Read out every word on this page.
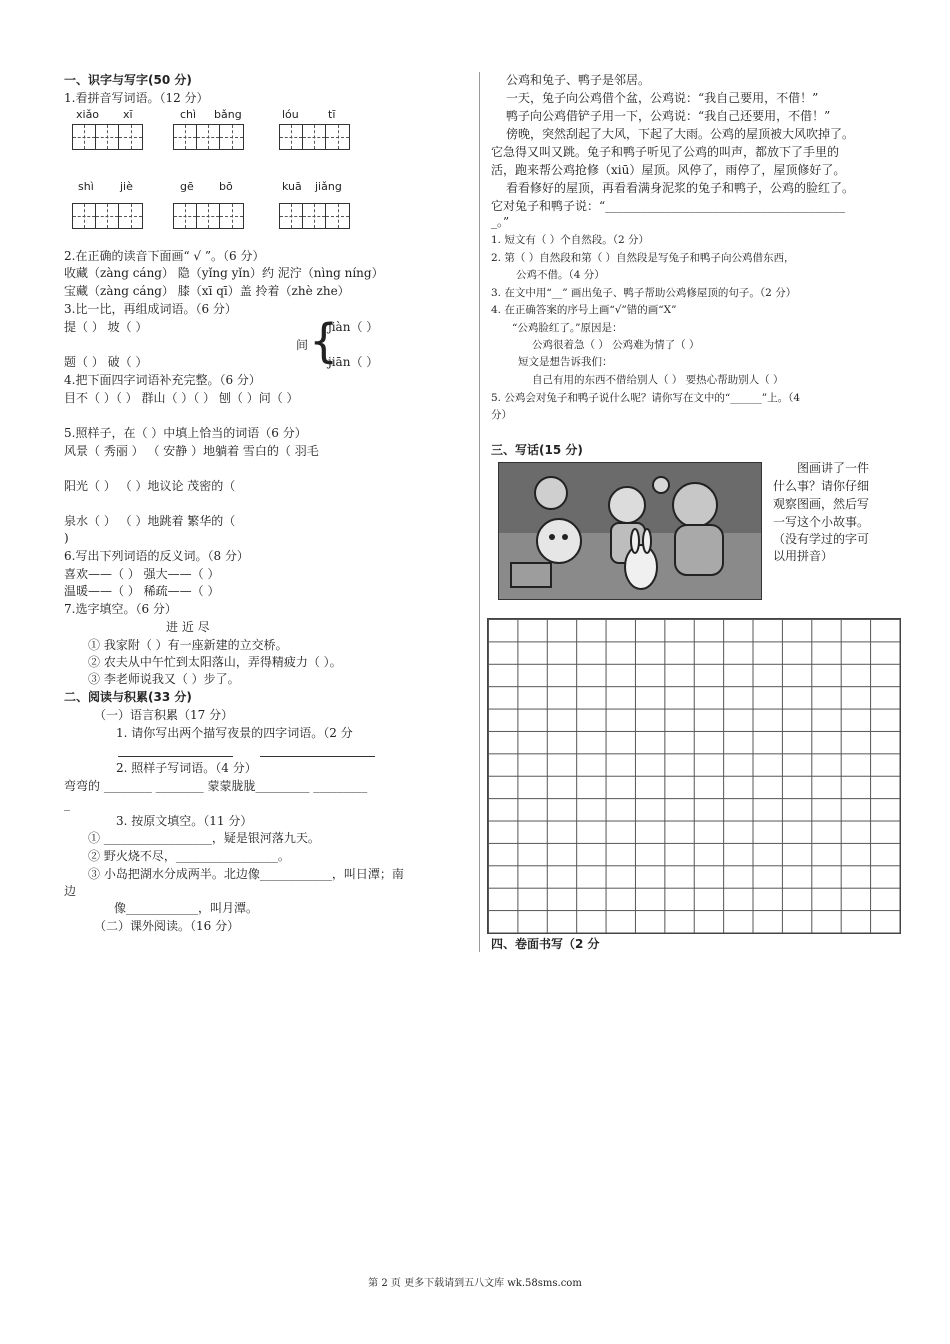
一、识字与写字(50 分)
1.看拼音写词语。（12 分）
xiǎo xī	chì bǎng	lóu	tī
shì jiè	gē bō	kuā jiǎng
2.在正确的读音下面画“ √ ”。（6 分）
收藏（zàng cáng） 隐（yǐng yǐn）约 泥泞（nìng níng）
宝藏（zàng cáng） 膝（xī qī）盖 拎着（zhè zhe）
3.比一比，再组成词语。（6 分）
提（ ） 坡（ ）
题（ ） 破（ ）
jiàn（ ）
间 {
jiān（ ）
4.把下面四字词语补充完整。（6 分）
目不（ ）（ ） 群山（ ）（ ） 刨（ ）问（ ）
5.照样子，在（ ）中填上恰当的词语（6 分）
风景（ 秀丽 ） （ 安静 ）地躺着 雪白的（ 羽毛
阳光（ ） （ ）地议论 茂密的（
泉水（ ） （ ）地跳着 繁华的（
)
6.写出下列词语的反义词。（8 分）
喜欢——（ ） 强大——（ ）
温暖——（ ） 稀疏——（ ）
7.选字填空。（6 分）
进 近 尽
① 我家附（ ）有一座新建的立交桥。
② 农夫从中午忙到太阳落山，弄得精疲力（ ）。
③ 李老师说我又（ ）步了。
二、阅读与积累(33 分)
（一）语言积累（17 分）
1. 请你写出两个描写夜景的四字词语。（2 分
2. 照样子写词语。（4 分）
弯弯的 ________ ________ 蒙蒙胧胧_________ _________
_
3. 按原文填空。（11 分）
① __________________，疑是银河落九天。
② 野火烧不尽，_________________。
③ 小岛把湖水分成两半。北边像____________，叫日潭；南
边
像____________，叫月潭。
（二）课外阅读。（16 分）
公鸡和兔子、鸭子是邻居。
一天，兔子向公鸡借个盆，公鸡说：“我自己要用，不借！”
鸭子向公鸡借铲子用一下，公鸡说：“我自己还要用，不借！”
傍晚，突然刮起了大风，下起了大雨。公鸡的屋顶被大风吹掉了。
它急得又叫又跳。兔子和鸭子听见了公鸡的叫声，都放下了手里的
活，跑来帮公鸡抢修（xiū）屋顶。风停了，雨停了，屋顶修好了。
看看修好的屋顶，再看看满身泥浆的兔子和鸭子，公鸡的脸红了。
它对兔子和鸭子说：“________________________________________
_。”
1. 短文有（ ）个自然段。（2 分）
2. 第（ ）自然段和第（ ）自然段是写兔子和鸭子向公鸡借东西，
公鸡不借。（4 分）
3. 在文中用“__” 画出兔子、鸭子帮助公鸡修屋顶的句子。（2 分）
4. 在正确答案的序号上画“√”错的画“X”
“公鸡脸红了。”原因是：
公鸡很着急（ ） 公鸡难为情了（ ）
短文是想告诉我们：
自己有用的东西不借给别人（ ） 要热心帮助别人（ ）
5. 公鸡会对兔子和鸭子说什么呢？请你写在文中的“______”上。（4
分）
三、写话(15 分)
图画讲了一件
什么事？请你仔细
观察图画，然后写
一写这个小故事。
（没有学过的字可
以用拼音）
四、卷面书写（2 分
第 2 页 更多下载请到五八文库 wk.58sms.com
